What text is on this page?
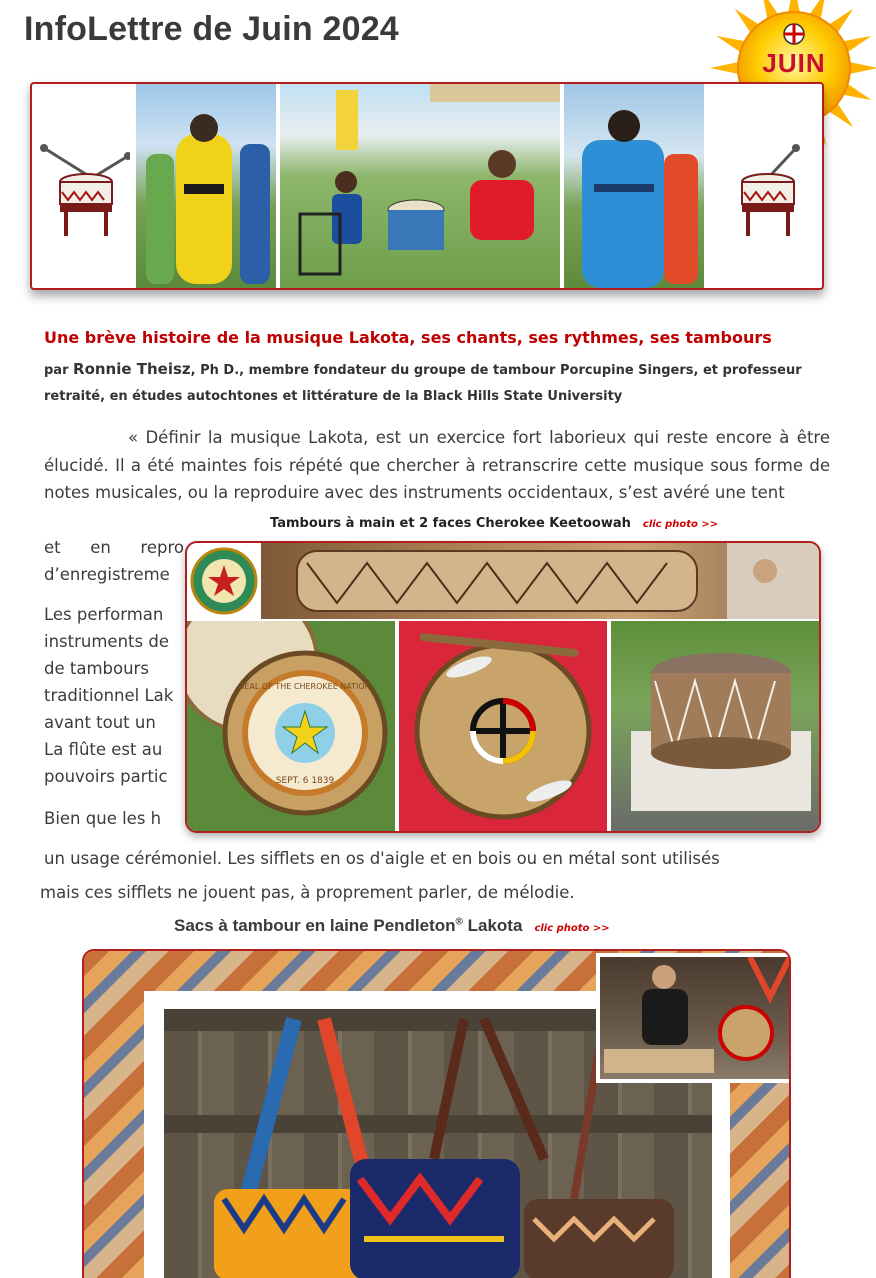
InfoLettre de Juin 2024
JUIN
Une brève histoire de la musique Lakota, ses chants, ses rythmes, ses tambours
par Ronnie Theisz, Ph D., membre fondateur du groupe de tambour Porcupine Singers, et professeur retraité, en études autochtones et littérature de la Black Hills State University

« Définir la musique Lakota, est un exercice fort laborieux qui reste encore à être élucidé. Il a été maintes fois répété que chercher à retranscrire cette musique sous forme de notes musicales, ou la reproduire avec des instruments occidentaux, s’est avéré une tent

et en repro

d’enregistreme

Les performan

instruments de

de tambours

traditionnel Lak

avant tout un

La flûte est au

pouvoirs partic

Bien que les h

un usage cérémoniel. Les sifflets en os d'aigle et en bois ou en métal sont utilisés

mais ces sifflets ne jouent pas, à proprement parler, de mélodie.

Tambours à main et 2 faces Cherokee Keetoowah clic photo >>
SEPT. 6 1839
SEAL OF THE CHEROKEE NATION
Sacs à tambour en laine Pendleton® Lakota clic photo >>
